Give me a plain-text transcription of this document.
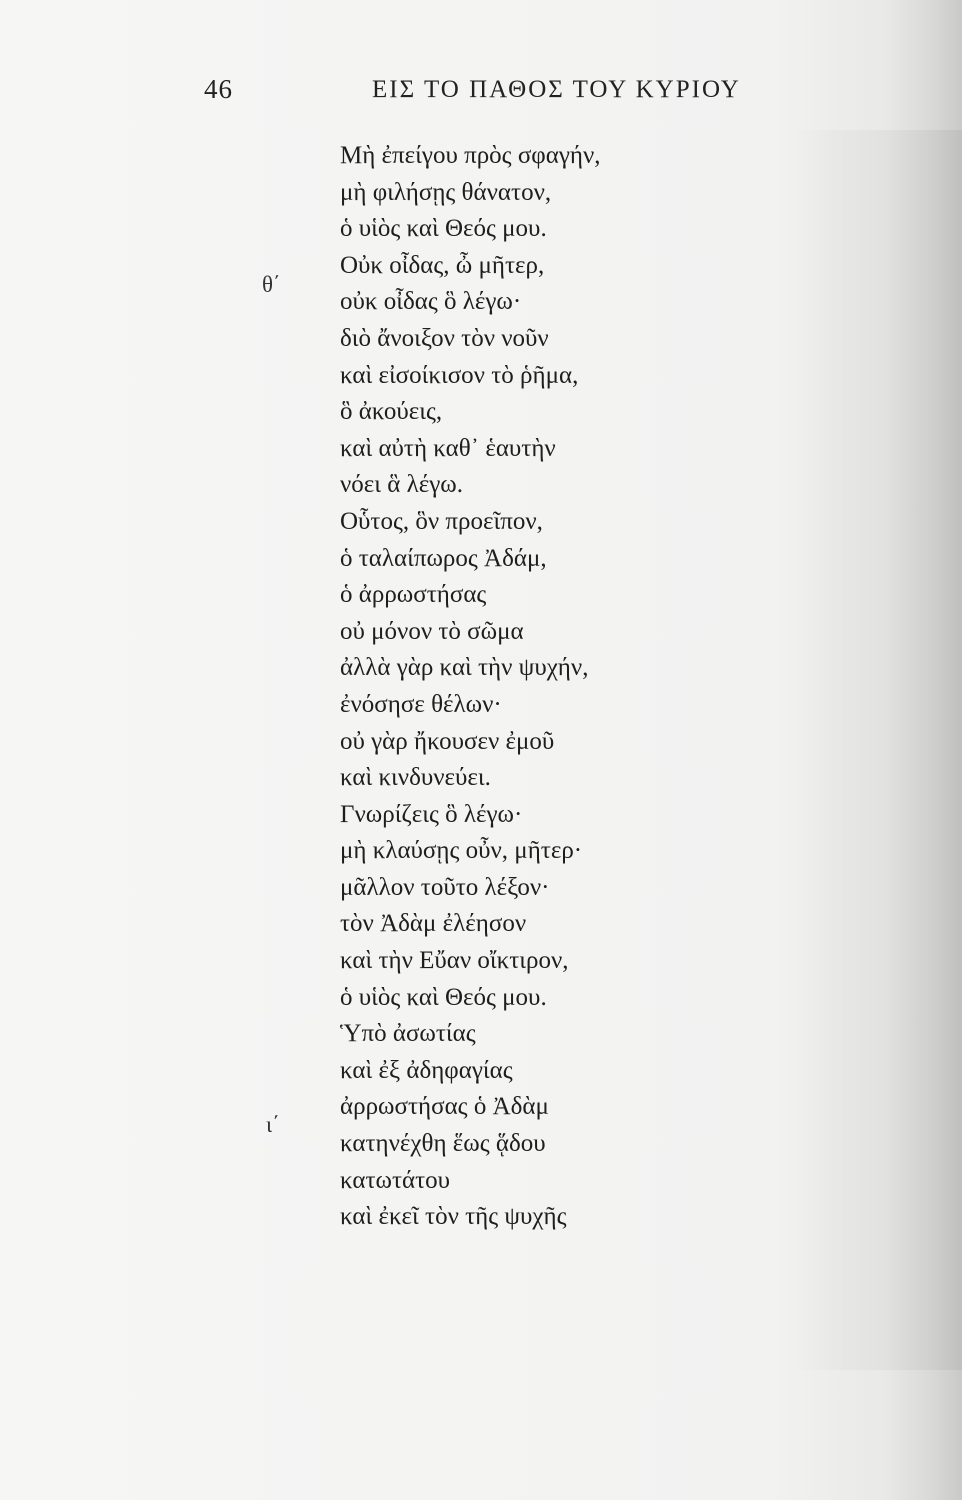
46	ΕΙΣ ΤΟ ΠΑΘΟΣ ΤΟΥ ΚΥΡΙΟΥ
θ΄
ι΄
Μὴ ἐπείγου πρὸς σφαγήν,
μὴ φιλήσῃς θάνατον,
ὁ υἱὸς καὶ Θεός μου.
Οὐκ οἶδας, ὦ μῆτερ,
οὐκ οἶδας ὃ λέγω·
διὸ ἄνοιξον τὸν νοῦν
καὶ εἰσοίκισον τὸ ῥῆμα,
ὃ ἀκούεις,
καὶ αὐτὴ καθ᾽ ἑαυτὴν
νόει ἃ λέγω.
Οὗτος, ὃν προεῖπον,
ὁ ταλαίπωρος Ἀδάμ,
ὁ ἀρρωστήσας
οὐ μόνον τὸ σῶμα
ἀλλὰ γὰρ καὶ τὴν ψυχήν,
ἐνόσησε θέλων·
οὐ γὰρ ἤκουσεν ἐμοῦ
καὶ κινδυνεύει.
Γνωρίζεις ὃ λέγω·
μὴ κλαύσῃς οὖν, μῆτερ·
μᾶλλον τοῦτο λέξον·
τὸν Ἀδὰμ ἐλέησον
καὶ τὴν Εὔαν οἴκτιρον,
ὁ υἱὸς καὶ Θεός μου.
Ὑπὸ ἀσωτίας
καὶ ἐξ ἀδηφαγίας
ἀρρωστήσας ὁ Ἀδὰμ
κατηνέχθη ἕως ᾅδου
κατωτάτου
καὶ ἐκεῖ τὸν τῆς ψυχῆς
